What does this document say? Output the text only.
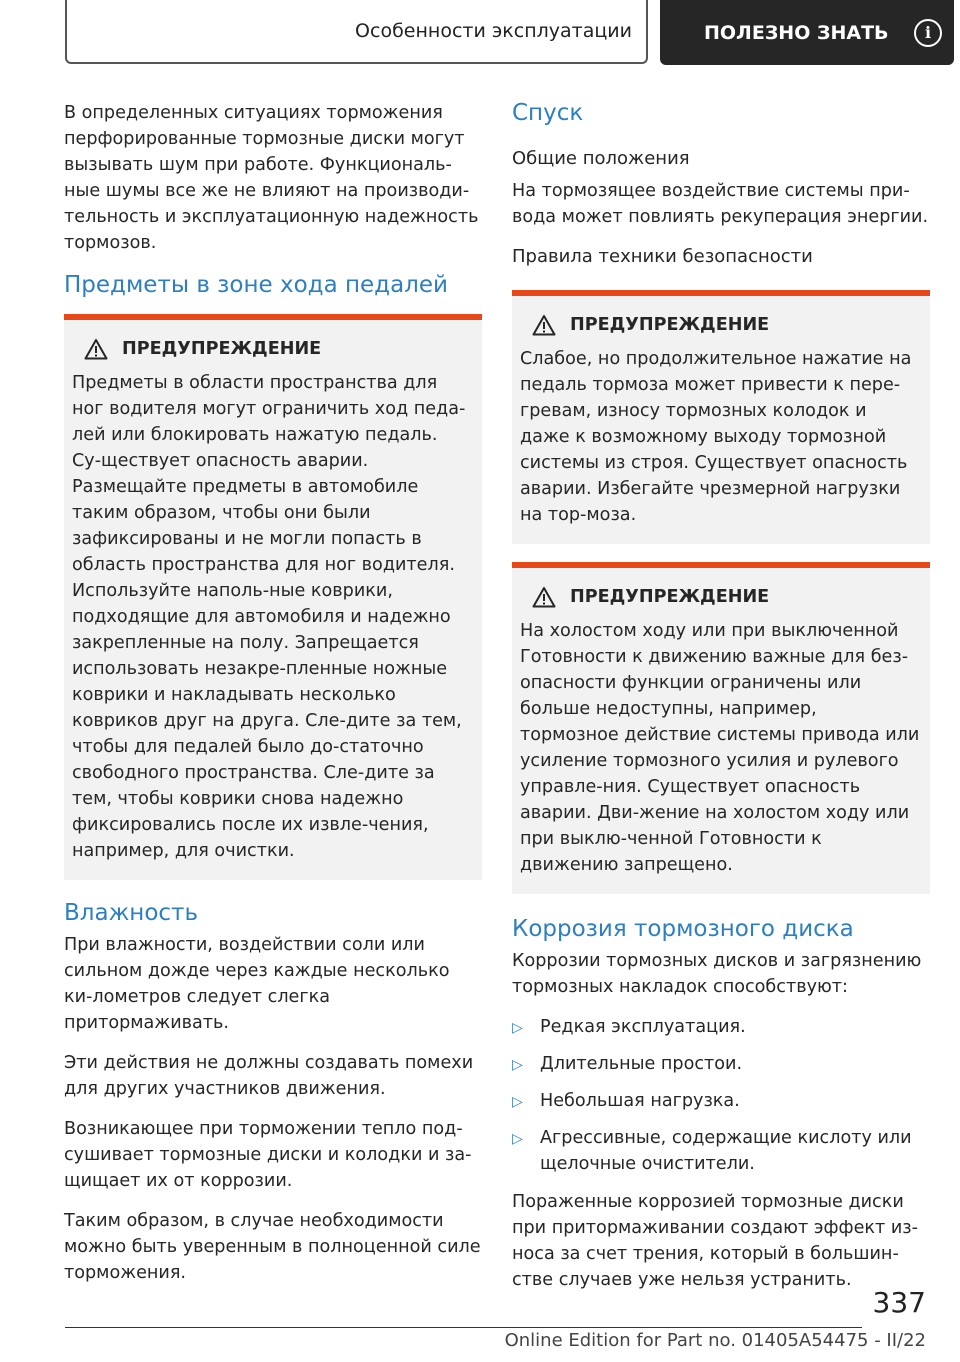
Особенности эксплуатации	ПОЛЕЗНО ЗНАТЬ	i

В определенных ситуациях торможения перфорированные тормозные диски могут вызывать шум при работе. Функциональ-ные шумы все же не влияют на производи-тельность и эксплуатационную надежность тормозов.

Предметы в зоне хода педалей
ПРЕДУПРЕЖДЕНИЕ

Предметы в области пространства для ног водителя могут ограничить ход педа-лей или блокировать нажатую педаль. Су-ществует опасность аварии. Размещайте предметы в автомобиле таким образом, чтобы они были зафиксированы и не могли попасть в область пространства для ног водителя. Используйте наполь-ные коврики, подходящие для автомобиля и надежно закрепленные на полу. Запрещается использовать незакре-пленные ножные коврики и накладывать несколько ковриков друг на друга. Сле-дите за тем, чтобы для педалей было до-статочно свободного пространства. Сле-дите за тем, чтобы коврики снова надежно фиксировались после их извле-чения, например, для очистки.

Влажность

При влажности, воздействии соли или сильном дожде через каждые несколько ки-лометров следует слегка притормаживать.

Эти действия не должны создавать помехи для других участников движения.

Возникающее при торможении тепло под-сушивает тормозные диски и колодки и за-щищает их от коррозии.

Таким образом, в случае необходимости можно быть уверенным в полноценной силе торможения.

Спуск
Общие положения

На тормозящее воздействие системы при-вода может повлиять рекуперация энергии.

Правила техники безопасности
ПРЕДУПРЕЖДЕНИЕ

Слабое, но продолжительное нажатие на педаль тормоза может привести к пере-гревам, износу тормозных колодок и даже к возможному выходу тормозной системы из строя. Существует опасность аварии. Избегайте чрезмерной нагрузки на тор-моза.

ПРЕДУПРЕЖДЕНИЕ

На холостом ходу или при выключенной Готовности к движению важные для без-опасности функции ограничены или больше недоступны, например, тормозное действие системы привода или усиление тормозного усилия и рулевого управле-ния. Существует опасность аварии. Дви-жение на холостом ходу или при выклю-ченной Готовности к движению запрещено.

Коррозия тормозного диска

Коррозии тормозных дисков и загрязнению тормозных накладок способствуют:

▷ Редкая эксплуатация.
▷ Длительные простои.
▷ Небольшая нагрузка.
▷ Агрессивные, содержащие кислоту или щелочные очистители.

Пораженные коррозией тормозные диски при притормаживании создают эффект из-носа за счет трения, который в большин-стве случаев уже нельзя устранить.

337
Online Edition for Part no. 01405A54475 - II/22
